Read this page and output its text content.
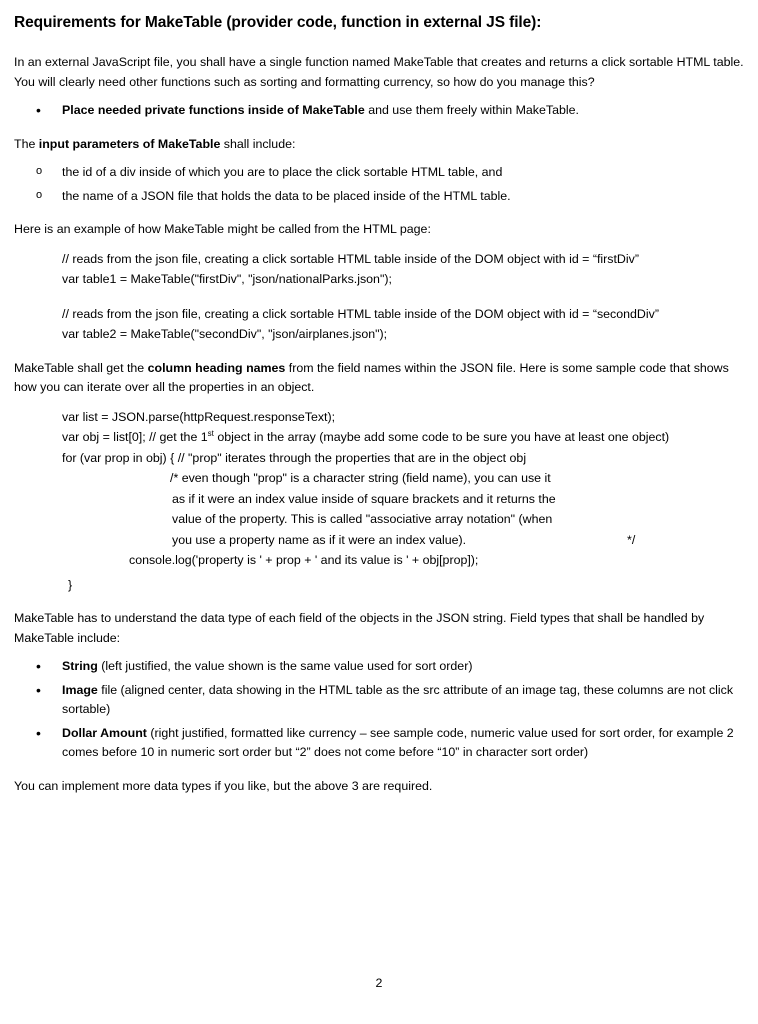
Requirements for MakeTable (provider code, function in external JS file):

In an external JavaScript file, you shall have a single function named MakeTable that creates and returns a click sortable HTML table. You will clearly need other functions such as sorting and formatting currency, so how do you manage this?

• Place needed private functions inside of MakeTable and use them freely within MakeTable.

The input parameters of MakeTable shall include:

o the id of a div inside of which you are to place the click sortable HTML table, and
o the name of a JSON file that holds the data to be placed inside of the HTML table.

Here is an example of how MakeTable might be called from the HTML page:

// reads from the json file, creating a click sortable HTML table inside of the DOM object with id = “firstDiv”
var table1 = MakeTable("firstDiv", "json/nationalParks.json");
// reads from the json file, creating a click sortable HTML table inside of the DOM object with id = “secondDiv”
var table2 = MakeTable("secondDiv", "json/airplanes.json");

MakeTable shall get the column heading names from the field names within the JSON file. Here is some sample code that shows how you can iterate over all the properties in an object.

var list = JSON.parse(httpRequest.responseText);
var obj = list[0]; // get the 1st object in the array (maybe add some code to be sure you have at least one object)
for (var prop in obj) { // "prop" iterates through the properties that are in the object obj
/* even though "prop" is a character string (field name), you can use it
as if it were an index value inside of square brackets and it returns the
value of the property. This is called "associative array notation" (when
you use a property name as if it were an index value).	*/
console.log('property is ' + prop + ' and its value is ' + obj[prop]);
}

MakeTable has to understand the data type of each field of the objects in the JSON string. Field types that shall be handled by MakeTable include:

• String (left justified, the value shown is the same value used for sort order)
• Image file (aligned center, data showing in the HTML table as the src attribute of an image tag, these columns are not click sortable)
• Dollar Amount (right justified, formatted like currency – see sample code, numeric value used for sort order, for example 2 comes before 10 in numeric sort order but “2” does not come before “10” in character sort order)

You can implement more data types if you like, but the above 3 are required.

2
